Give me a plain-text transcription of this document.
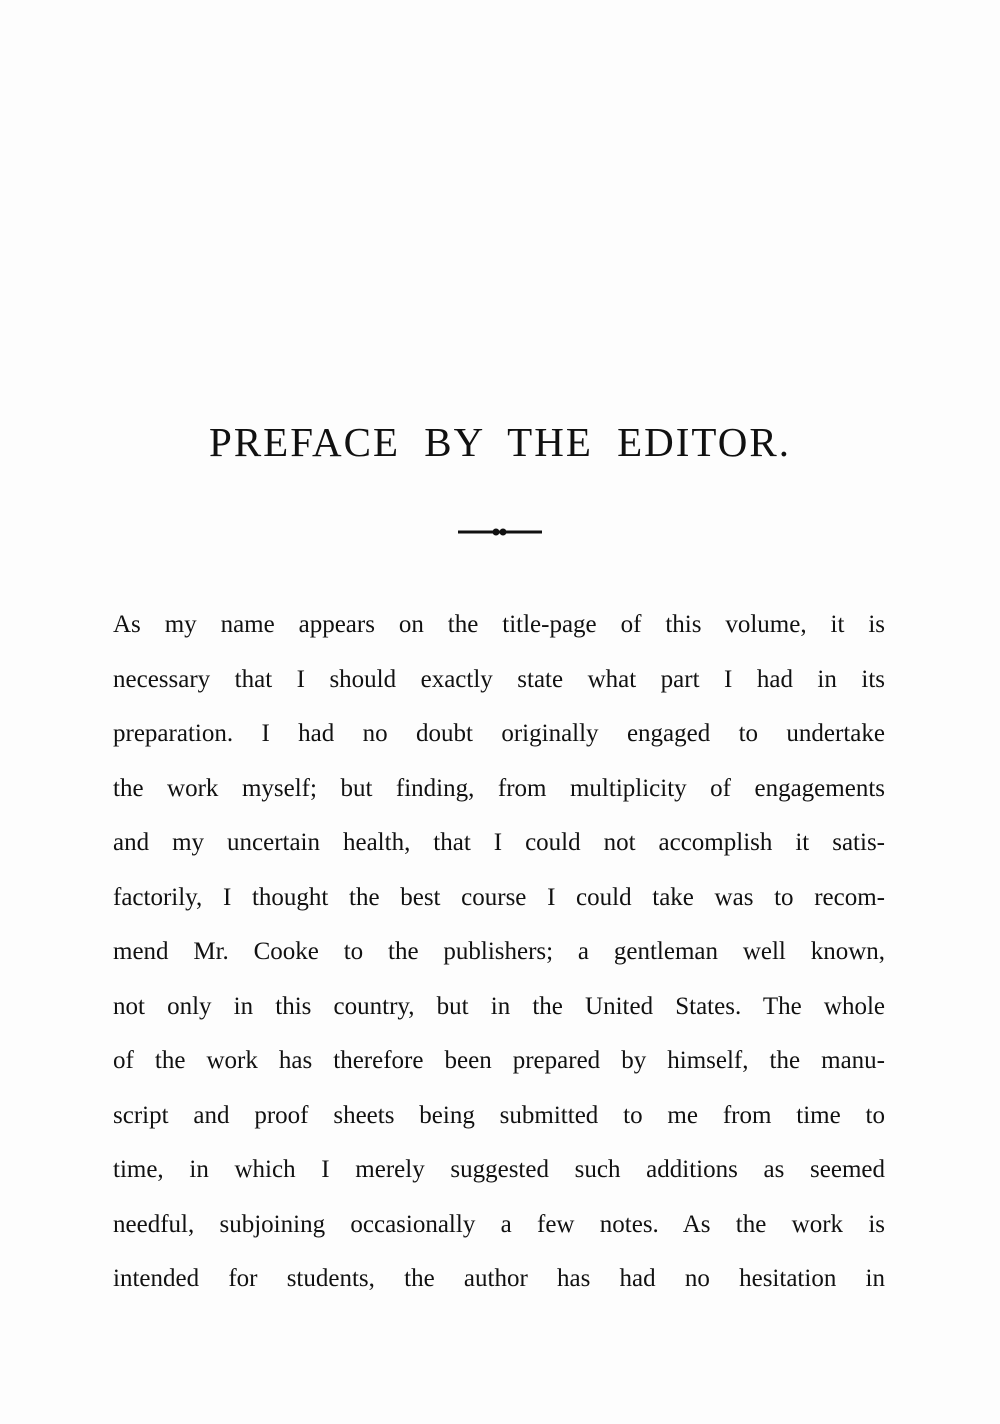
PREFACE BY THE EDITOR.
As my name appears on the title-page of this volume, it is
necessary that I should exactly state what part I had in its
preparation. I had no doubt originally engaged to undertake
the work myself; but finding, from multiplicity of engagements
and my uncertain health, that I could not accomplish it satis-
factorily, I thought the best course I could take was to recom-
mend Mr. Cooke to the publishers; a gentleman well known,
not only in this country, but in the United States. The whole
of the work has therefore been prepared by himself, the manu-
script and proof sheets being submitted to me from time to
time, in which I merely suggested such additions as seemed
needful, subjoining occasionally a few notes. As the work is
intended for students, the author has had no hesitation in
